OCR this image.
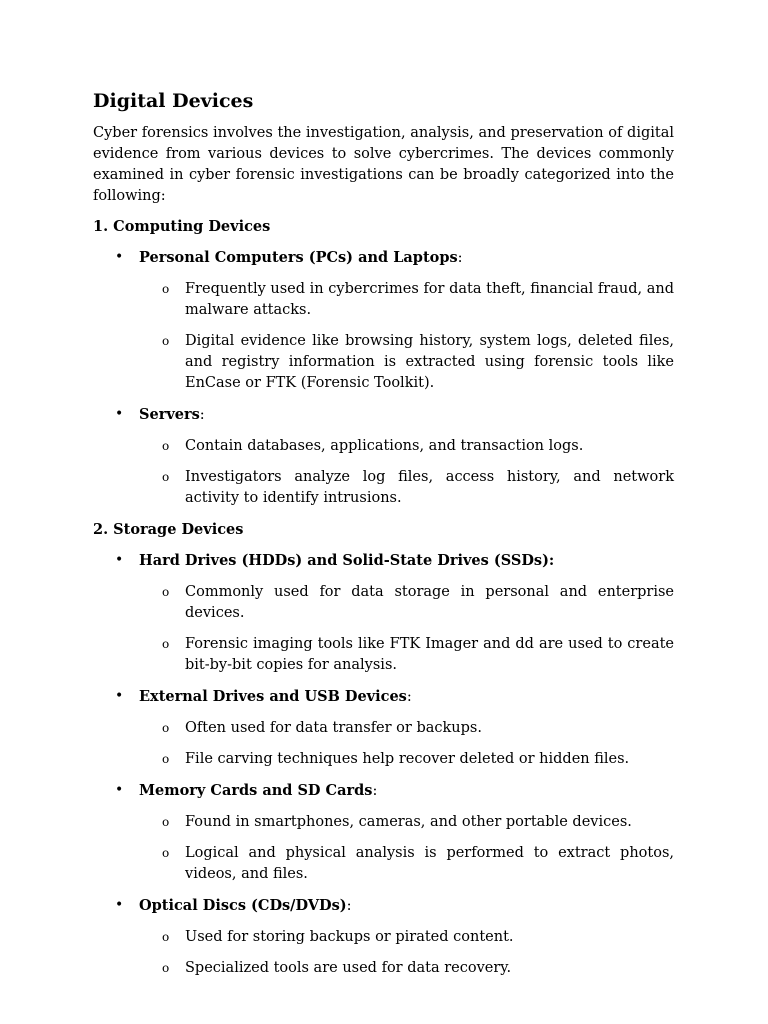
Digital Devices

Cyber forensics involves the investigation, analysis, and preservation of digital evidence from various devices to solve cybercrimes. The devices commonly examined in cyber forensic investigations can be broadly categorized into the following:

1. Computing Devices
• Personal Computers (PCs) and Laptops:
o Frequently used in cybercrimes for data theft, financial fraud, and malware attacks.
o Digital evidence like browsing history, system logs, deleted files, and registry information is extracted using forensic tools like EnCase or FTK (Forensic Toolkit).
• Servers:
o Contain databases, applications, and transaction logs.
o Investigators analyze log files, access history, and network activity to identify intrusions.
2. Storage Devices
• Hard Drives (HDDs) and Solid-State Drives (SSDs):
o Commonly used for data storage in personal and enterprise devices.
o Forensic imaging tools like FTK Imager and dd are used to create bit-by-bit copies for analysis.
• External Drives and USB Devices:
o Often used for data transfer or backups.
o File carving techniques help recover deleted or hidden files.
• Memory Cards and SD Cards:
o Found in smartphones, cameras, and other portable devices.
o Logical and physical analysis is performed to extract photos, videos, and files.
• Optical Discs (CDs/DVDs):
o Used for storing backups or pirated content.
o Specialized tools are used for data recovery.
